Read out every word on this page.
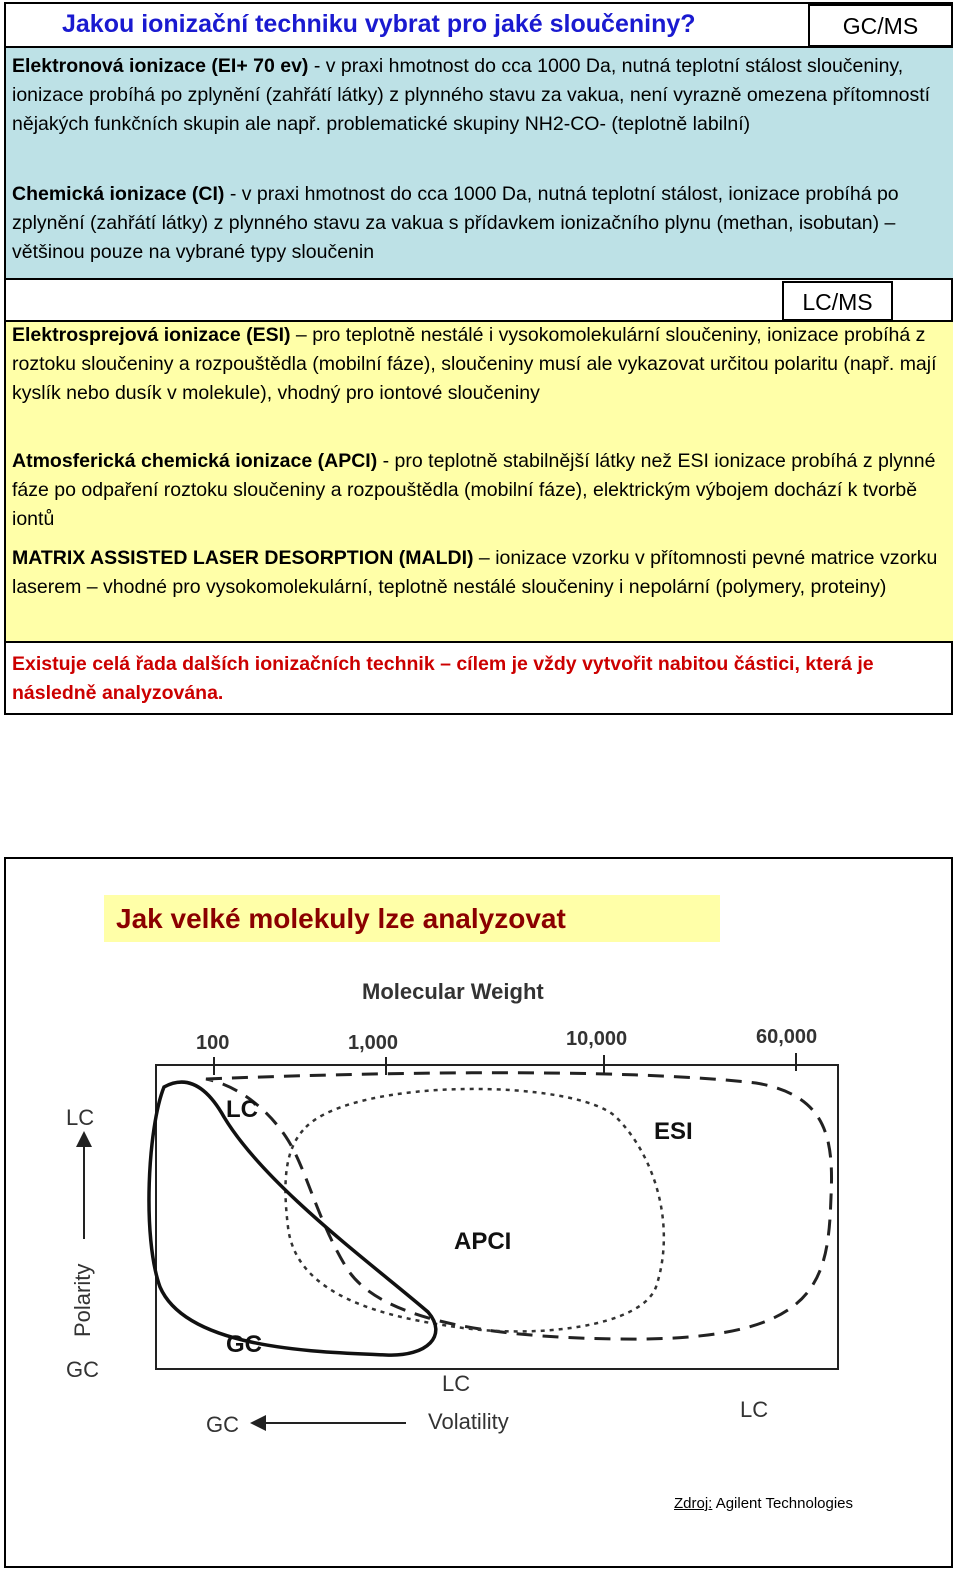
Jakou ionizační techniku vybrat pro jaké sloučeniny?	GC/MS
Elektronová ionizace (EI+ 70 ev) - v praxi hmotnost do cca 1000 Da, nutná teplotní stálost sloučeniny, ionizace probíhá po zplynění (zahřátí látky) z plynného stavu za vakua, není vyrazně omezena přítomností nějakých funkčních skupin ale např. problematické skupiny NH2-CO- (teplotně labilní)
Chemická ionizace (CI) - v praxi hmotnost do cca 1000 Da, nutná teplotní stálost, ionizace probíhá po zplynění (zahřátí látky) z plynného stavu za vakua s přídavkem ionizačního plynu (methan, isobutan) – většinou pouze na vybrané typy sloučenin
LC/MS
Elektrosprejová ionizace (ESI) – pro teplotně nestálé i vysokomolekulární sloučeniny, ionizace probíhá z roztoku sloučeniny a rozpouštědla (mobilní fáze), sloučeniny musí ale vykazovat určitou polaritu (např. mají kyslík nebo dusík v molekule), vhodný pro iontové sloučeniny
Atmosferická chemická ionizace (APCI) - pro teplotně stabilnější látky než ESI ionizace probíhá z plynné fáze po odpaření roztoku sloučeniny a rozpouštědla (mobilní fáze), elektrickým výbojem dochází k tvorbě iontů
MATRIX ASSISTED LASER DESORPTION (MALDI) – ionizace vzorku v přítomnosti pevné matrice vzorku laserem – vhodné pro vysokomolekulární, teplotně nestálé sloučeniny i nepolární (polymery, proteiny)
Existuje celá řada dalších ionizačních technik – cílem je vždy vytvořit nabitou částici, která je následně analyzována.
Jak velké molekuly lze analyzovat
Molecular Weight
100	1,000	10,000	60,000
LC
Polarity
GC
GC	Volatility	LC
LC
ESI
APCI
GC
LC
Zdroj: Agilent Technologies
